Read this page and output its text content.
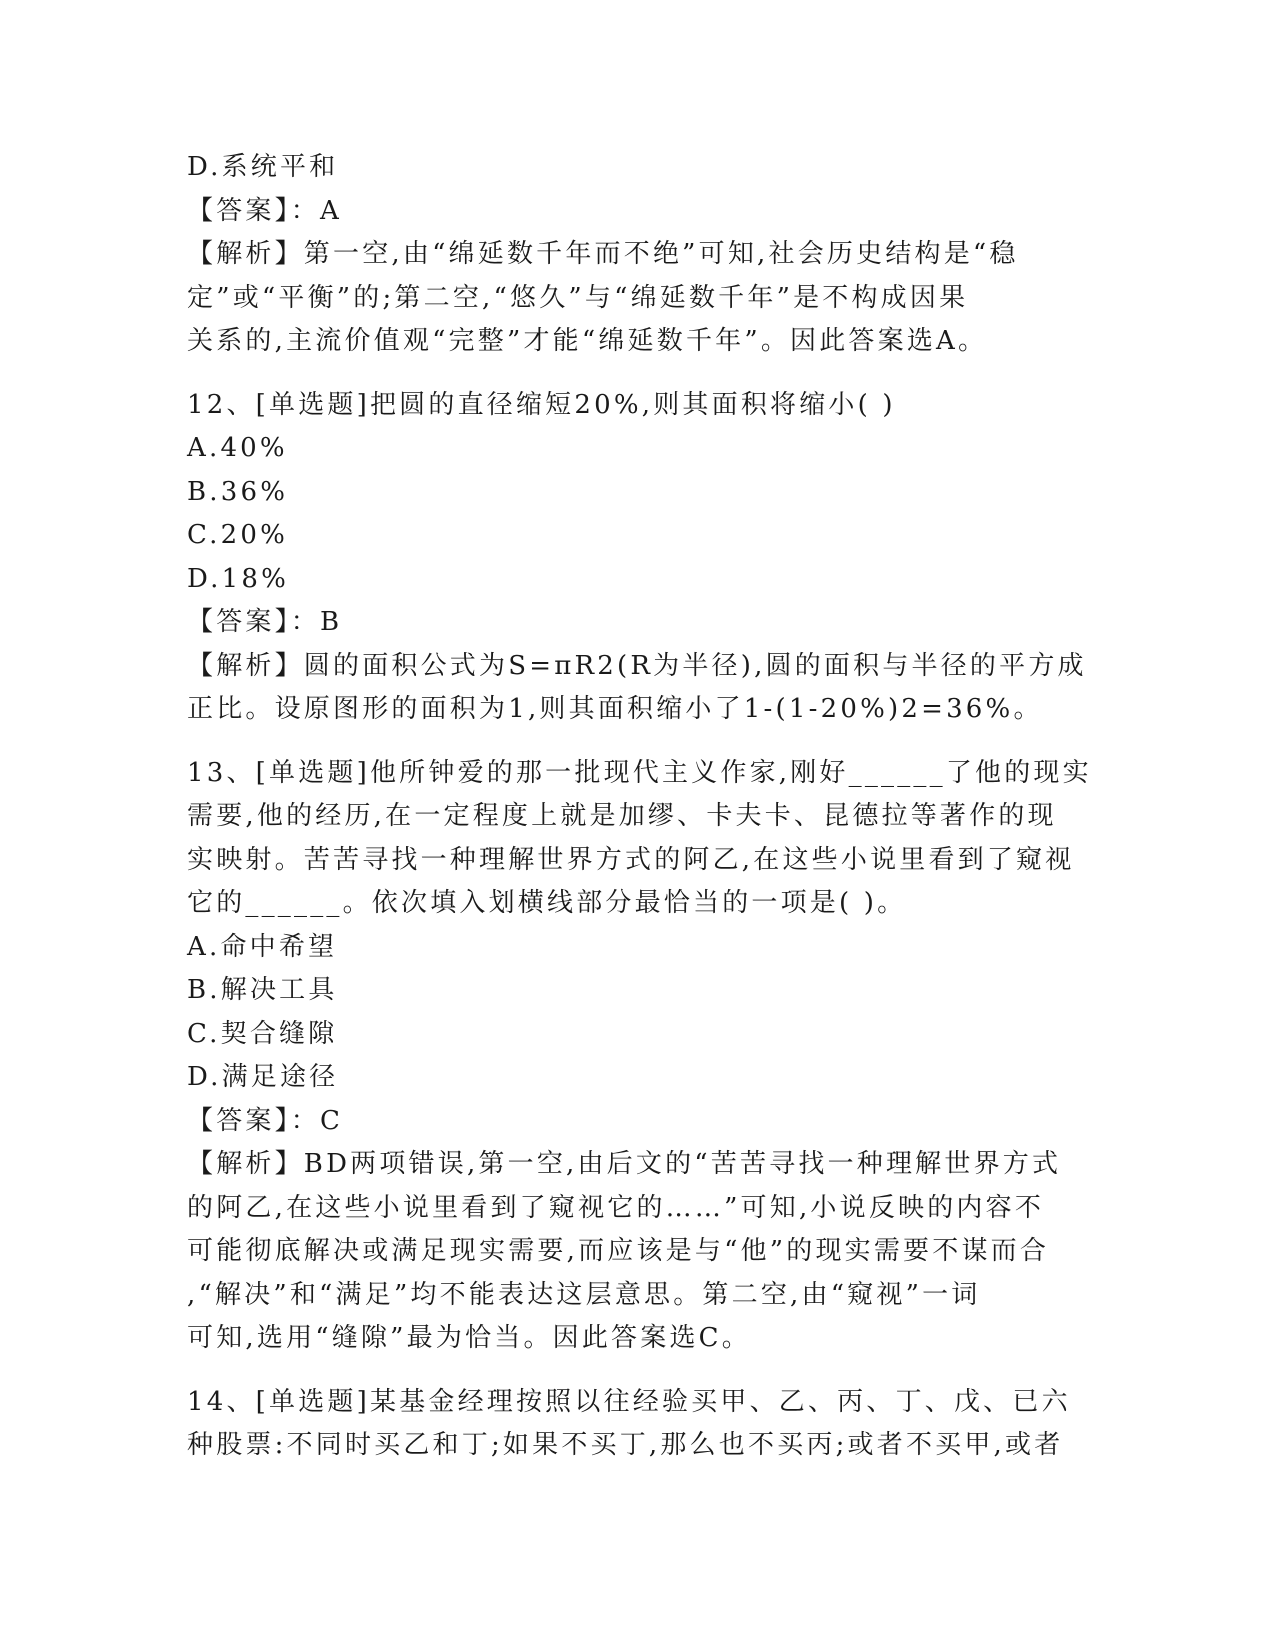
D.系统平和

【答案】：A

【解析】第一空,由“绵延数千年而不绝”可知,社会历史结构是“稳

定”或“平衡”的;第二空,“悠久”与“绵延数千年”是不构成因果

关系的,主流价值观“完整”才能“绵延数千年”。因此答案选A。

12、[单选题]把圆的直径缩短20%,则其面积将缩小( )

A.40%

B.36%

C.20%

D.18%

【答案】：B

【解析】圆的面积公式为S=πR2(R为半径),圆的面积与半径的平方成

正比。设原图形的面积为1,则其面积缩小了1-(1-20%)2=36%。

13、[单选题]他所钟爱的那一批现代主义作家,刚好______了他的现实

需要,他的经历,在一定程度上就是加缪、卡夫卡、昆德拉等著作的现

实映射。苦苦寻找一种理解世界方式的阿乙,在这些小说里看到了窥视

它的______。依次填入划横线部分最恰当的一项是( )。

A.命中希望

B.解决工具

C.契合缝隙

D.满足途径

【答案】：C

【解析】BD两项错误,第一空,由后文的“苦苦寻找一种理解世界方式

的阿乙,在这些小说里看到了窥视它的……”可知,小说反映的内容不

可能彻底解决或满足现实需要,而应该是与“他”的现实需要不谋而合

,“解决”和“满足”均不能表达这层意思。第二空,由“窥视”一词

可知,选用“缝隙”最为恰当。因此答案选C。

14、[单选题]某基金经理按照以往经验买甲、乙、丙、丁、戊、已六

种股票:不同时买乙和丁;如果不买丁,那么也不买丙;或者不买甲,或者
